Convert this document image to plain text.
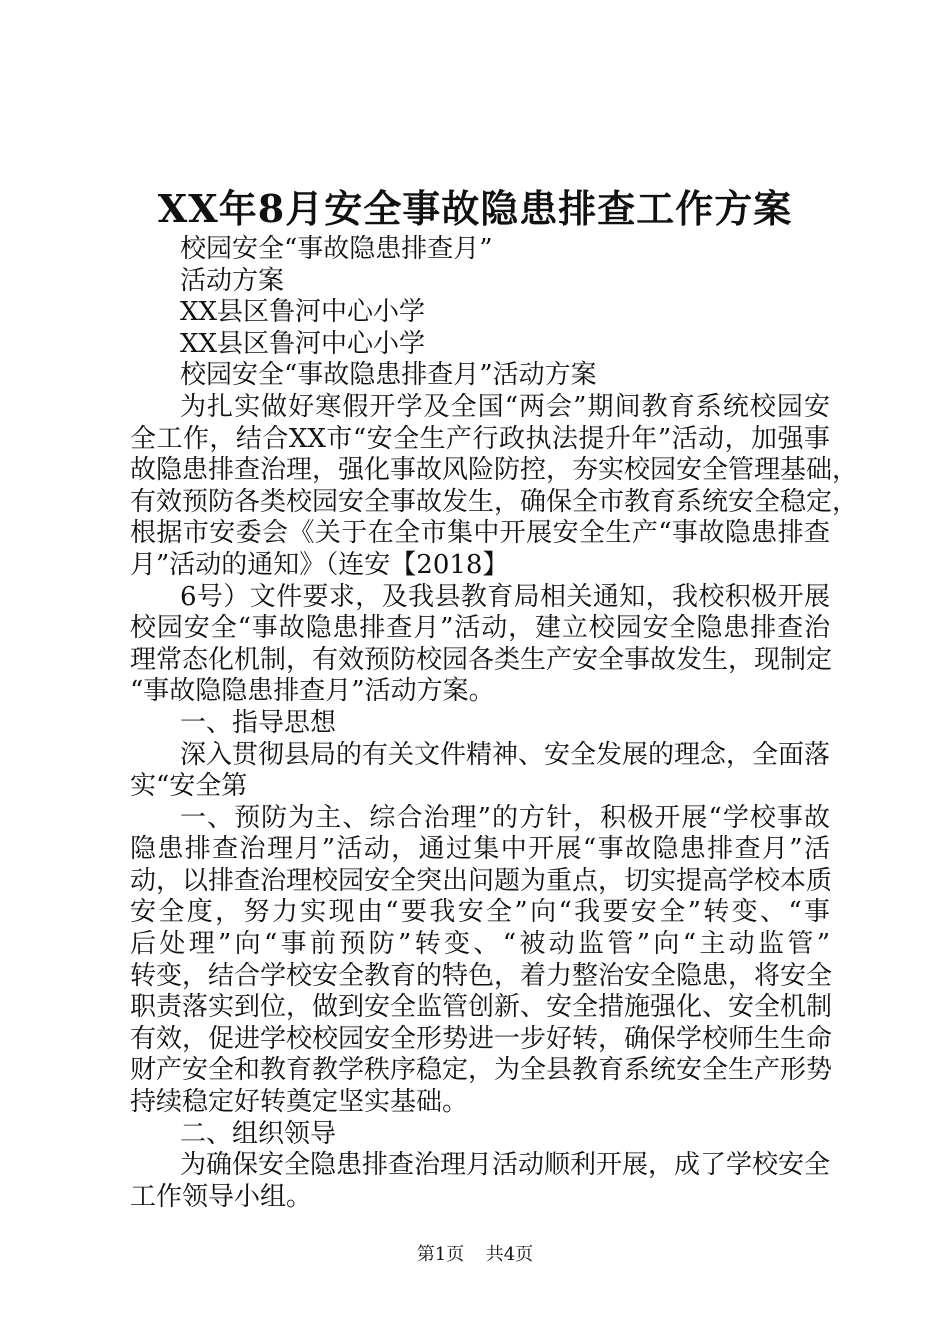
XX年8月安全事故隐患排查工作方案
校园安全“事故隐患排查月”
活动方案
XX县区鲁河中心小学
XX县区鲁河中心小学
校园安全“事故隐患排查月”活动方案
为扎实做好寒假开学及全国“两会”期间教育系统校园安
全工作，结合XX市“安全生产行政执法提升年”活动，加强事
故隐患排查治理，强化事故风险防控，夯实校园安全管理基础，
有效预防各类校园安全事故发生，确保全市教育系统安全稳定，
根据市安委会《关于在全市集中开展安全生产“事故隐患排查
月”活动的通知》（连安【2018】
6号）文件要求，及我县教育局相关通知，我校积极开展
校园安全“事故隐患排查月”活动，建立校园安全隐患排查治
理常态化机制，有效预防校园各类生产安全事故发生，现制定
“事故隐隐患排查月”活动方案。
一、指导思想
深入贯彻县局的有关文件精神、安全发展的理念，全面落
实“安全第
一、预防为主、综合治理”的方针，积极开展“学校事故
隐患排查治理月”活动，通过集中开展“事故隐患排查月”活
动，以排查治理校园安全突出问题为重点，切实提高学校本质
安全度，努力实现由“要我安全”向“我要安全”转变、“事
后处理”向“事前预防”转变、“被动监管”向“主动监管”
转变，结合学校安全教育的特色，着力整治安全隐患，将安全
职责落实到位，做到安全监管创新、安全措施强化、安全机制
有效，促进学校校园安全形势进一步好转，确保学校师生生命
财产安全和教育教学秩序稳定，为全县教育系统安全生产形势
持续稳定好转奠定坚实基础。
二、组织领导
为确保安全隐患排查治理月活动顺利开展，成了学校安全
工作领导小组。
第1页 共4页
